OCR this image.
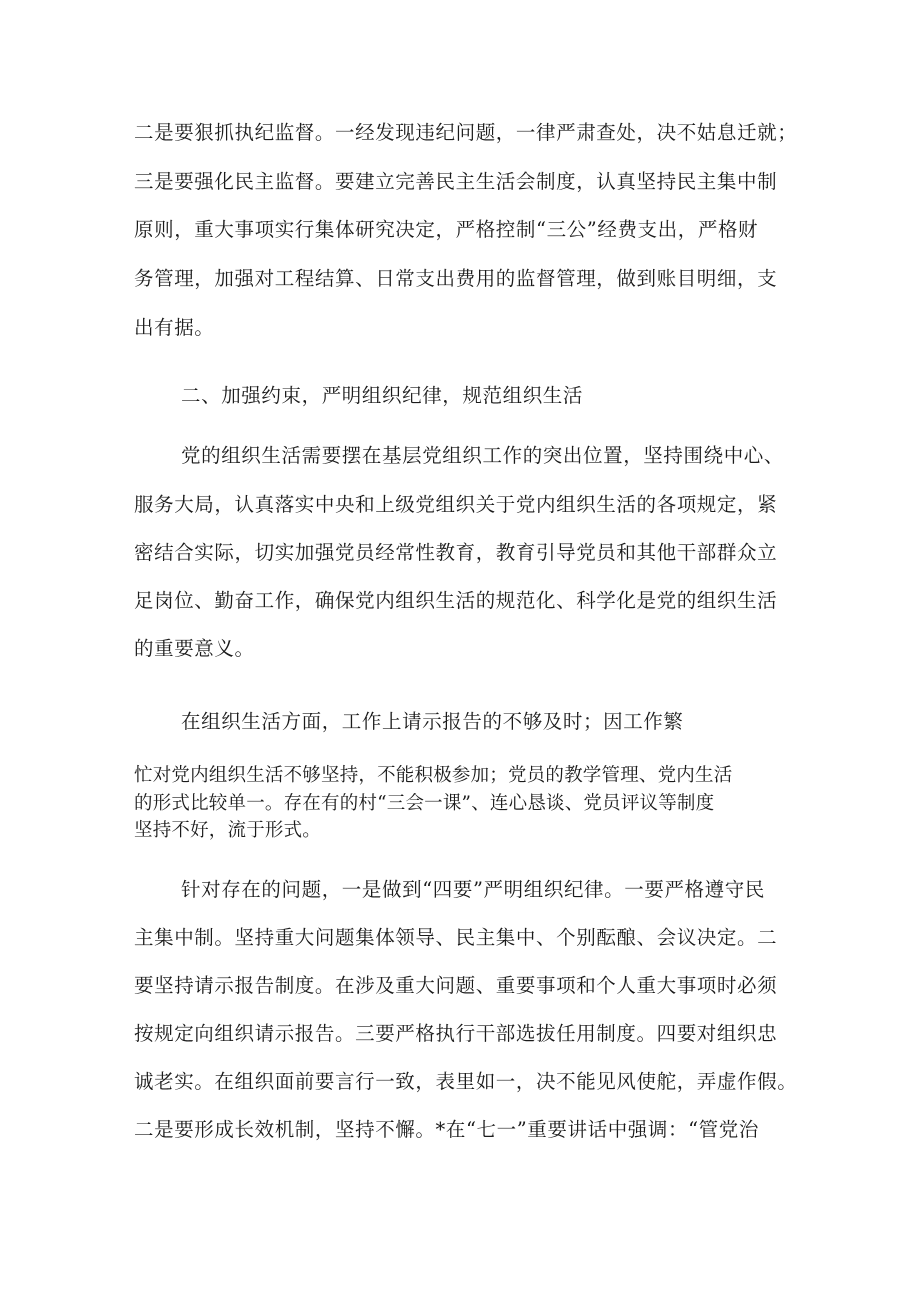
二是要狠抓执纪监督。一经发现违纪问题，一律严肃查处，决不姑息迁就；
三是要强化民主监督。要建立完善民主生活会制度，认真坚持民主集中制
原则，重大事项实行集体研究决定，严格控制“三公”经费支出，严格财
务管理，加强对工程结算、日常支出费用的监督管理，做到账目明细，支
出有据。
二、加强约束，严明组织纪律，规范组织生活
党的组织生活需要摆在基层党组织工作的突出位置，坚持围绕中心、
服务大局，认真落实中央和上级党组织关于党内组织生活的各项规定，紧
密结合实际，切实加强党员经常性教育，教育引导党员和其他干部群众立
足岗位、勤奋工作，确保党内组织生活的规范化、科学化是党的组织生活
的重要意义。
在组织生活方面，工作上请示报告的不够及时；因工作繁
忙对党内组织生活不够坚持，不能积极参加；党员的教学管理、党内生活
的形式比较单一。存在有的村“三会一课”、连心恳谈、党员评议等制度
坚持不好，流于形式。
针对存在的问题，一是做到“四要”严明组织纪律。一要严格遵守民
主集中制。坚持重大问题集体领导、民主集中、个别酝酿、会议决定。二
要坚持请示报告制度。在涉及重大问题、重要事项和个人重大事项时必须
按规定向组织请示报告。三要严格执行干部选拔任用制度。四要对组织忠
诚老实。在组织面前要言行一致，表里如一，决不能见风使舵，弄虚作假。
二是要形成长效机制，坚持不懈。*在“七一”重要讲话中强调：“管党治
